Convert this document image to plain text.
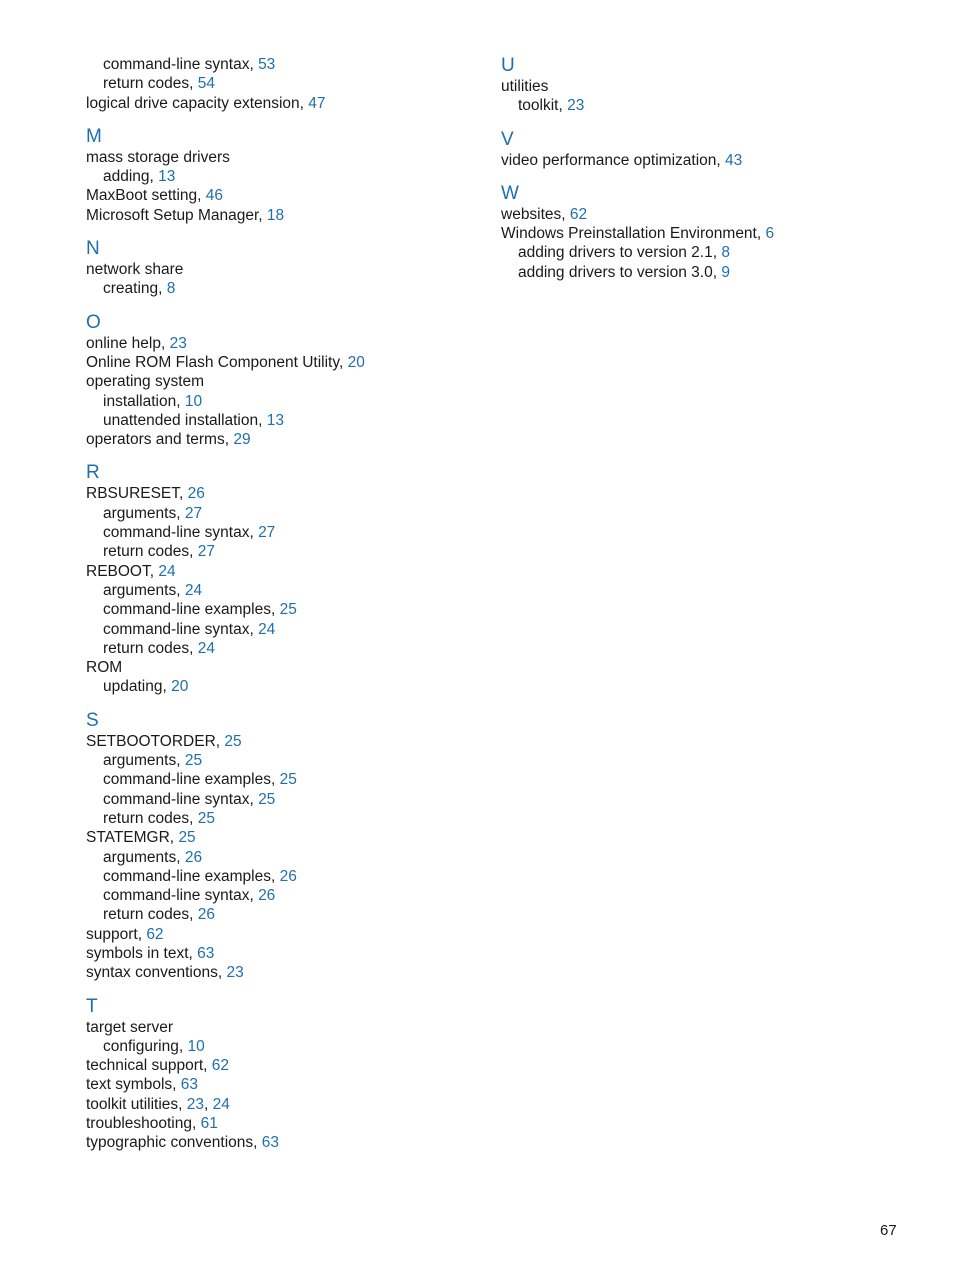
command-line syntax, 53
return codes, 54
logical drive capacity extension, 47
M
mass storage drivers
adding, 13
MaxBoot setting, 46
Microsoft Setup Manager, 18
N
network share
creating, 8
O
online help, 23
Online ROM Flash Component Utility, 20
operating system
installation, 10
unattended installation, 13
operators and terms, 29
R
RBSURESET, 26
arguments, 27
command-line syntax, 27
return codes, 27
REBOOT, 24
arguments, 24
command-line examples, 25
command-line syntax, 24
return codes, 24
ROM
updating, 20
S
SETBOOTORDER, 25
arguments, 25
command-line examples, 25
command-line syntax, 25
return codes, 25
STATEMGR, 25
arguments, 26
command-line examples, 26
command-line syntax, 26
return codes, 26
support, 62
symbols in text, 63
syntax conventions, 23
T
target server
configuring, 10
technical support, 62
text symbols, 63
toolkit utilities, 23, 24
troubleshooting, 61
typographic conventions, 63
U
utilities
toolkit, 23
V
video performance optimization, 43
W
websites, 62
Windows Preinstallation Environment, 6
adding drivers to version 2.1, 8
adding drivers to version 3.0, 9
67
